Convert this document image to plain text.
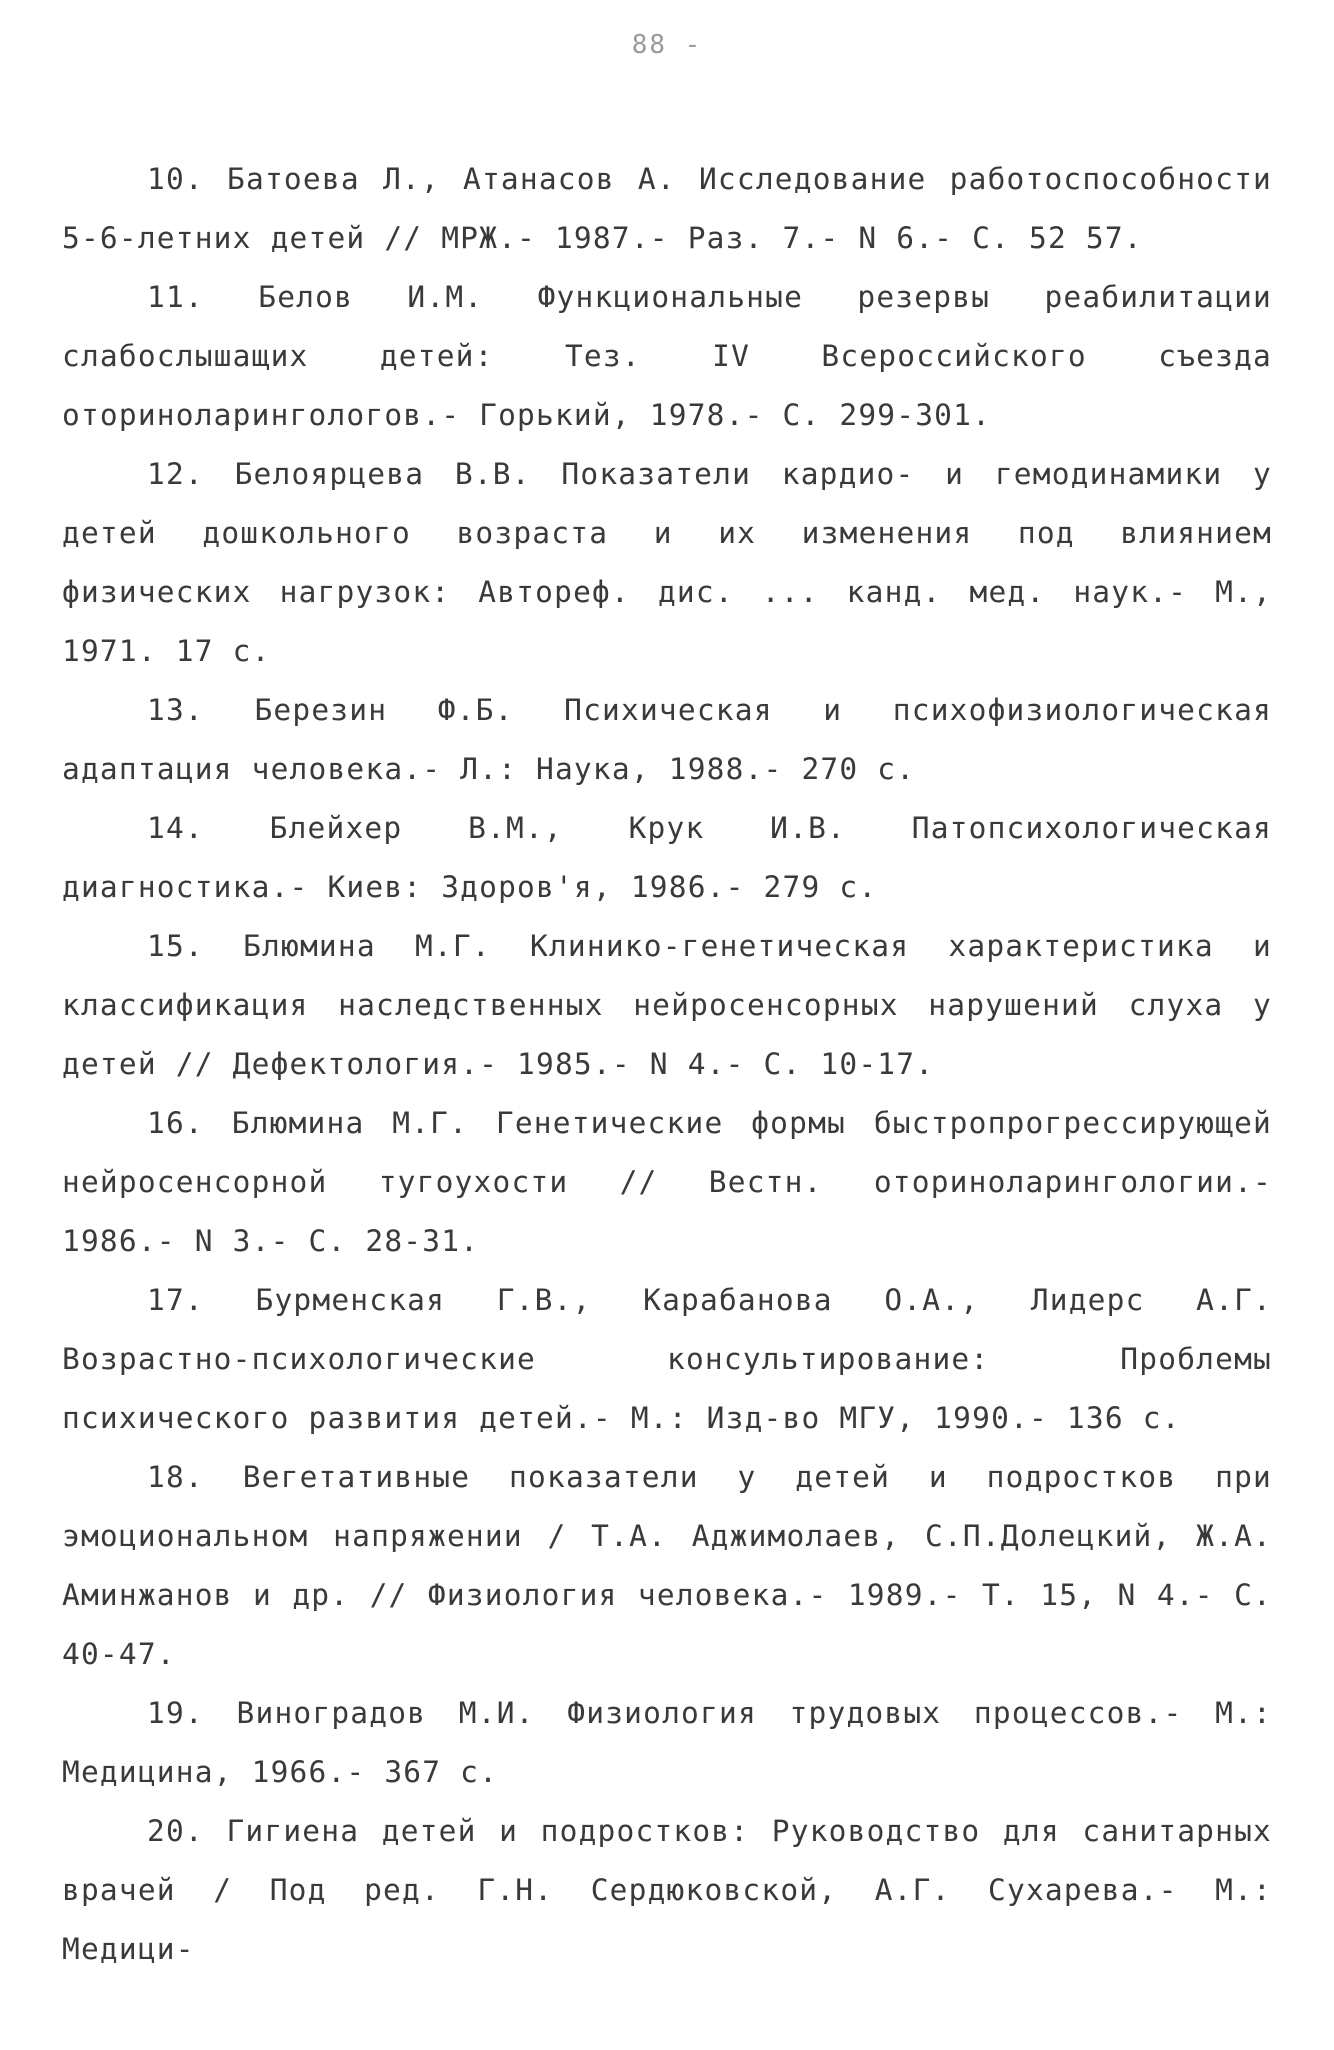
88 -

10. Батоева Л., Атанасов А. Исследование работоспособности 5-6-летних детей // МРЖ.- 1987.- Раз. 7.- N 6.- С. 52 57.

11. Белов И.М. Функциональные резервы реабилитации слабослышащих детей: Тез. IV Всероссийского съезда оториноларингологов.- Горький, 1978.- С. 299-301.

12. Белоярцева В.В. Показатели кардио- и гемодинамики у детей дошкольного возраста и их изменения под влиянием физических нагрузок: Автореф. дис. ... канд. мед. наук.- М., 1971. 17 с.

13. Березин Ф.Б. Психическая и психофизиологическая адаптация человека.- Л.: Наука, 1988.- 270 с.

14. Блейхер В.М., Крук И.В. Патопсихологическая диагностика.- Киев: Здоров'я, 1986.- 279 с.

15. Блюмина М.Г. Клинико-генетическая характеристика и классификация наследственных нейросенсорных нарушений слуха у детей // Дефектология.- 1985.- N 4.- С. 10-17.

16. Блюмина М.Г. Генетические формы быстропрогрессирующей нейросенсорной тугоухости // Вестн. оториноларингологии.- 1986.- N 3.- С. 28-31.

17. Бурменская Г.В., Карабанова О.А., Лидерс А.Г. Возрастно-психологические консультирование: Проблемы психического развития детей.- М.: Изд-во МГУ, 1990.- 136 с.

18. Вегетативные показатели у детей и подростков при эмоциональном напряжении / Т.А. Аджимолаев, С.П.Долецкий, Ж.А. Аминжанов и др. // Физиология человека.- 1989.- Т. 15, N 4.- С. 40-47.

19. Виноградов М.И. Физиология трудовых процессов.- М.: Медицина, 1966.- 367 с.

20. Гигиена детей и подростков: Руководство для санитарных врачей / Под ред. Г.Н. Сердюковской, А.Г. Сухарева.- М.: Медици-
